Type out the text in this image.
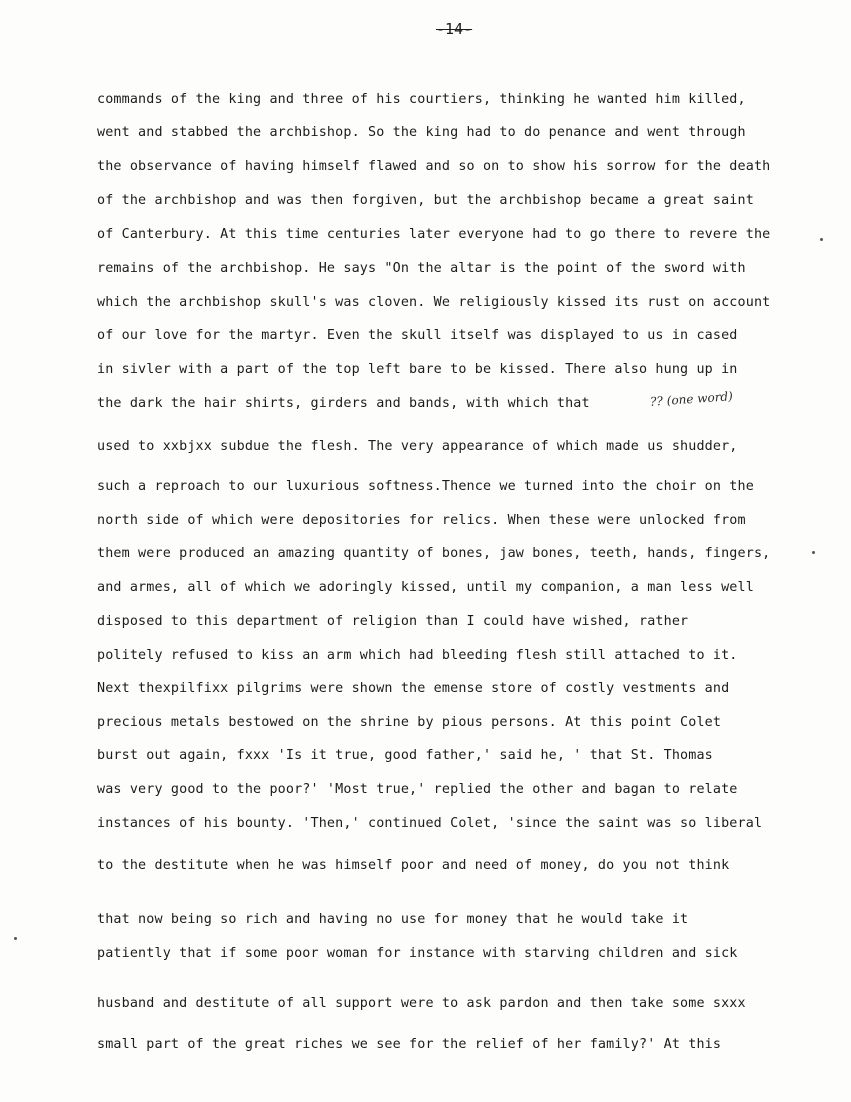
-14-
commands of the king and three of his courtiers, thinking he wanted him killed,
went and stabbed the archbishop. So the king had to do penance and went through
the observance of having himself flawed and so on to show his sorrow for the death
of the archbishop and was then forgiven, but the archbishop became a great saint
of Canterbury. At this time centuries later everyone had to go there to revere the
remains of the archbishop. He says "On the altar is the point of the sword with
which the archbishop skull's was cloven. We religiously kissed its rust on account
of our love for the martyr. Even the skull itself was displayed to us in cased
in sivler with a part of the top left bare to be kissed. There also hung up in
the dark the hair shirts, girders and bands, with which that	?? (one word)
used to xxbjxx subdue the flesh. The very appearance of which made us shudder,
such a reproach to our luxurious softness.Thence we turned into the choir on the
north side of which were depositories for relics. When these were unlocked from
them were produced an amazing quantity of bones, jaw bones, teeth, hands, fingers,
and armes, all of which we adoringly kissed, until my companion, a man less well
disposed to this department of religion than I could have wished, rather
politely refused to kiss an arm which had bleeding flesh still attached to it.
Next thexpilfixx pilgrims were shown the emense store of costly vestments and
precious metals bestowed on the shrine by pious persons. At this point Colet
burst out again, fxxx 'Is it true, good father,' said he, ' that St. Thomas
was very good to the poor?' 'Most true,' replied the other and bagan to relate
instances of his bounty. 'Then,' continued Colet, 'since the saint was so liberal
to the destitute when he was himself poor and need of money, do you not think
that now being so rich and having no use for money that he would take it
patiently that if some poor woman for instance with starving children and sick
husband and destitute of all support were to ask pardon and then take some sxxx
small part of the great riches we see for the relief of her family?' At this
